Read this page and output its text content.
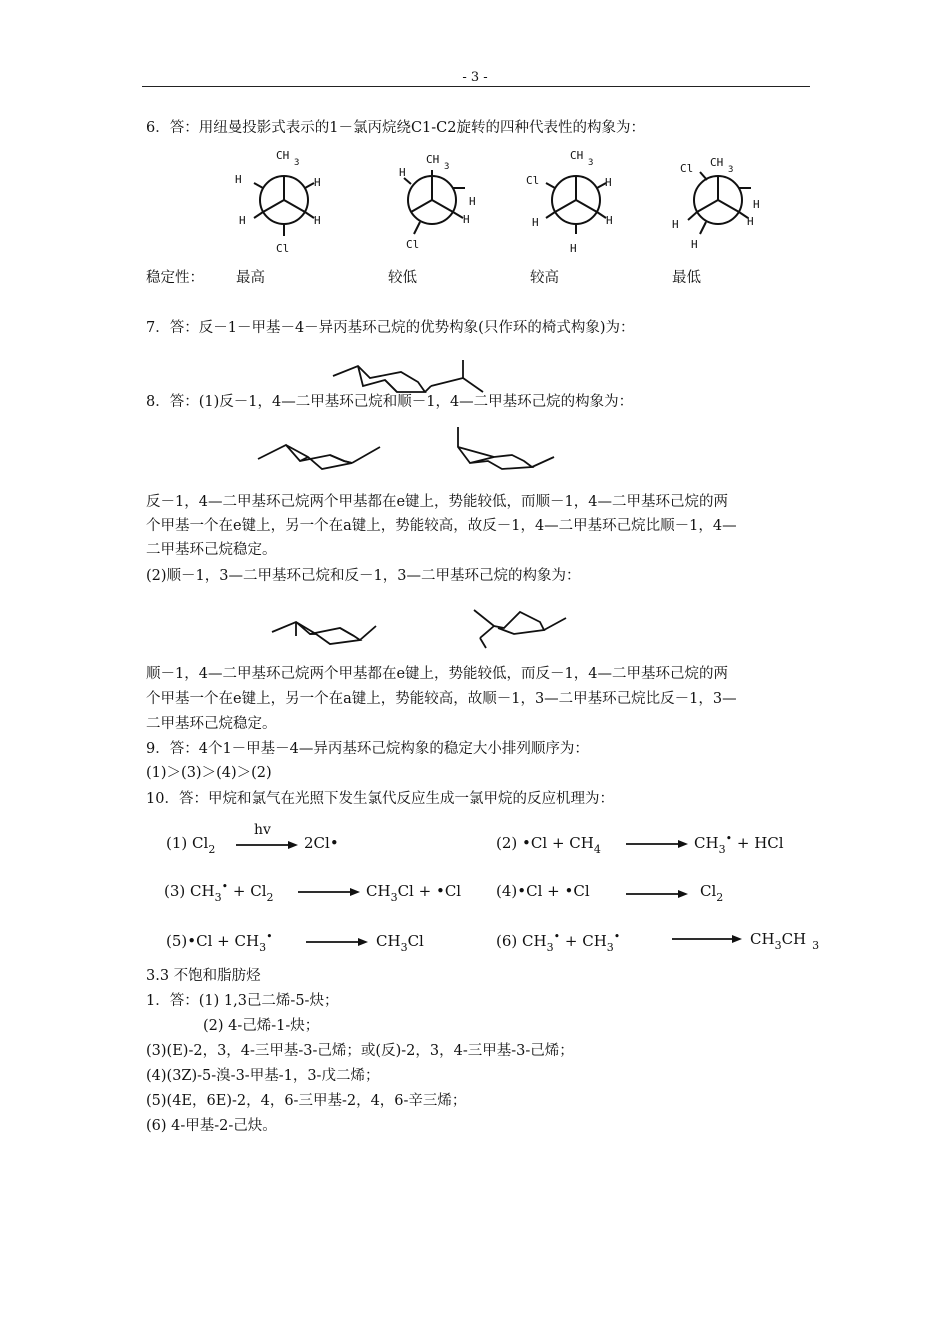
- 3 -
6．答：用纽曼投影式表示的1－氯丙烷绕C1-C2旋转的四种代表性的构象为：
CH
3
H	H
H	H
Cl
CH
3
H
H
H
Cl
CH
3
Cl	H
H	H
H
Cl CH
3
H
H
H
H
稳定性： 最高	较低	较高	最低
7．答：反－1－甲基－4－异丙基环己烷的优势构象(只作环的椅式构象)为：
8．答：(1)反－1，4—二甲基环己烷和顺－1，4—二甲基环己烷的构象为：
反－1，4—二甲基环己烷两个甲基都在e键上，势能较低，而顺－1，4—二甲基环己烷的两
个甲基一个在e键上，另一个在a键上，势能较高，故反－1，4—二甲基环己烷比顺－1，4—
二甲基环己烷稳定。
(2)顺－1，3—二甲基环己烷和反－1，3—二甲基环己烷的构象为：
顺－1，4—二甲基环己烷两个甲基都在e键上，势能较低，而反－1，4—二甲基环己烷的两
个甲基一个在e键上，另一个在a键上，势能较高，故顺－1，3—二甲基环己烷比反－1，3—
二甲基环己烷稳定。
9．答：4个1－甲基－4—异丙基环己烷构象的稳定大小排列顺序为：
(1)＞(3)＞(4)＞(2)
10．答：甲烷和氯气在光照下发生氯代反应生成一氯甲烷的反应机理为：
(1) $Cl_2$
hv
→ 2Cl•	(2) •Cl + $CH_4 \to CH_3^•$ + HCl
(3) $CH_3^• + Cl_2 \to CH_3Cl$ + •Cl (4)•Cl + •Cl → $Cl_2$
(5)•Cl + $CH_3^• \to CH_3Cl$	(6) $CH_3^• + CH_3^•$	$CH_3CH$ $_3$
3.3 不饱和脂肪烃
1．答：(1) 1,3己二烯-5-炔；
(2) 4-己烯-1-炔；
(3)(E)-2，3，4-三甲基-3-己烯；或(反)-2，3，4-三甲基-3-己烯；
(4)(3Z)-5-溴-3-甲基-1，3-戊二烯；
(5)(4E，6E)-2，4，6-三甲基-2，4，6-辛三烯；
(6) 4-甲基-2-己炔。
